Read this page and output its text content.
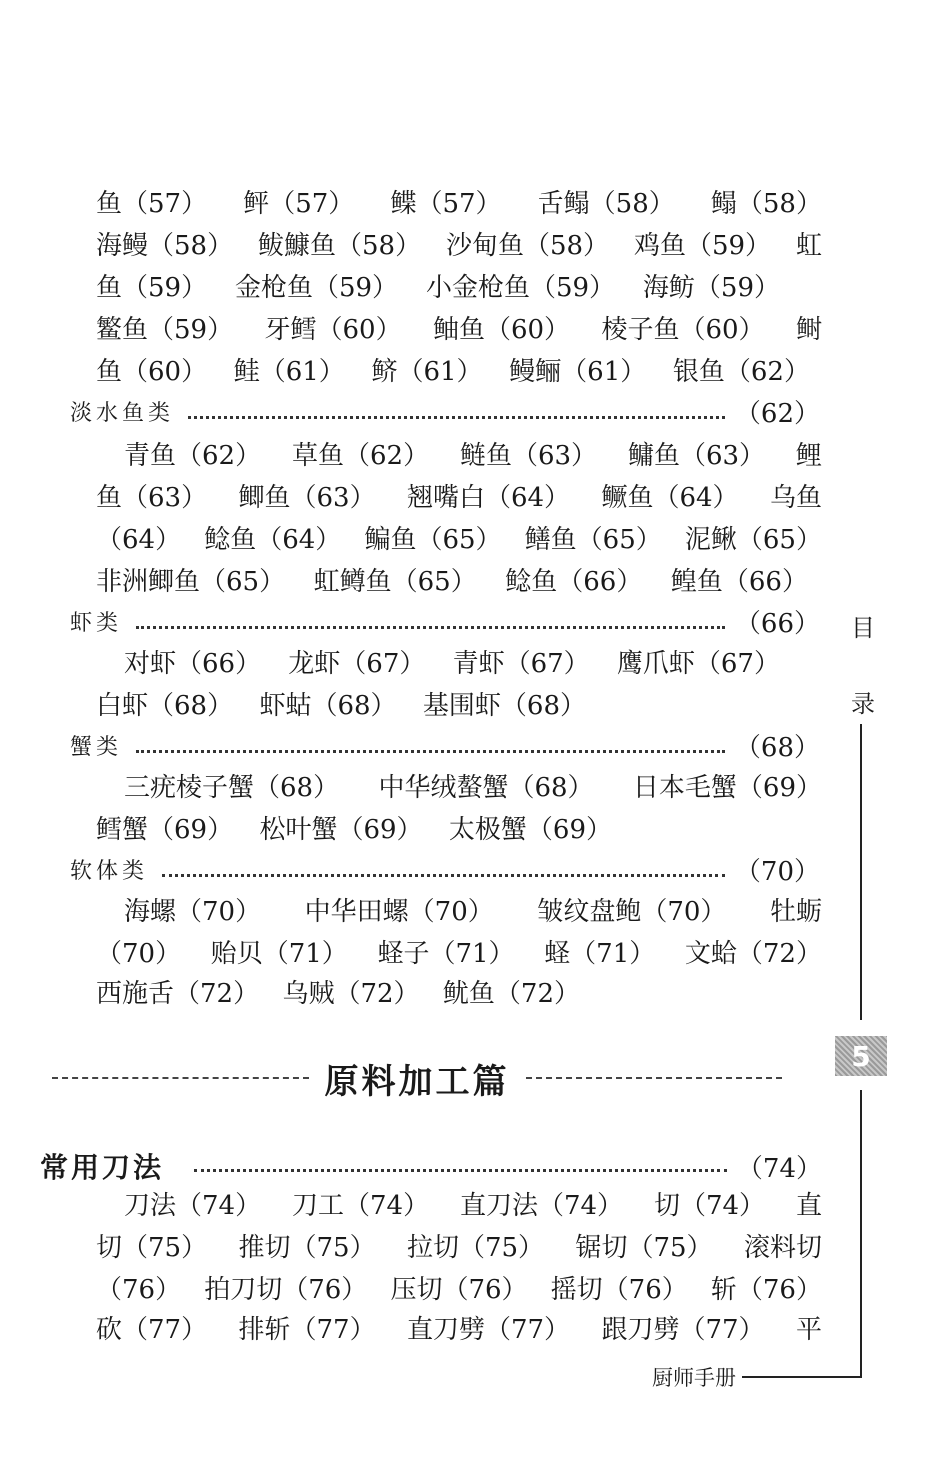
鱼（57） 鲆（57） 鲽（57） 舌鳎（58） 鳎（58）
海鳗（58） 鲅鱇鱼（58） 沙甸鱼（58） 鸡鱼（59） 虹
鱼（59） 金枪鱼（59） 小金枪鱼（59） 海鲂（59）
鳘鱼（59） 牙鳕（60） 鲉鱼（60） 棱子鱼（60） 鲥
鱼（60） 鲑（61） 鲚（61） 鳗鲡（61） 银鱼（62）
淡水鱼类	（62）
青鱼（62） 草鱼（62） 鲢鱼（63） 鳙鱼（63） 鲤
鱼（63） 鲫鱼（63） 翘嘴白（64） 鳜鱼（64） 乌鱼
（64） 鲶鱼（64） 鳊鱼（65） 鳝鱼（65） 泥鳅（65）
非洲鲫鱼（65） 虹鳟鱼（65） 鲶鱼（66） 鳇鱼（66）
虾类	（66）
对虾（66） 龙虾（67） 青虾（67） 鹰爪虾（67）
白虾（68） 虾蛄（68） 基围虾（68）
蟹类	（68）
三疣棱子蟹（68） 中华绒螯蟹（68） 日本毛蟹（69）
鳕蟹（69） 松叶蟹（69） 太极蟹（69）
软体类	（70）
海螺（70） 中华田螺（70） 皱纹盘鲍（70） 牡蛎
（70） 贻贝（71） 蛏子（71） 蛏（71） 文蛤（72）
西施舌（72） 乌贼（72） 鱿鱼（72）
原料加工篇
常用刀法	（74）
刀法（74） 刀工（74） 直刀法（74） 切（74） 直
切（75） 推切（75） 拉切（75） 锯切（75） 滚料切
（76） 拍刀切（76） 压切（76） 摇切（76） 斩（76）
砍（77） 排斩（77） 直刀劈（77） 跟刀劈（77） 平
目
录
5
厨师手册
